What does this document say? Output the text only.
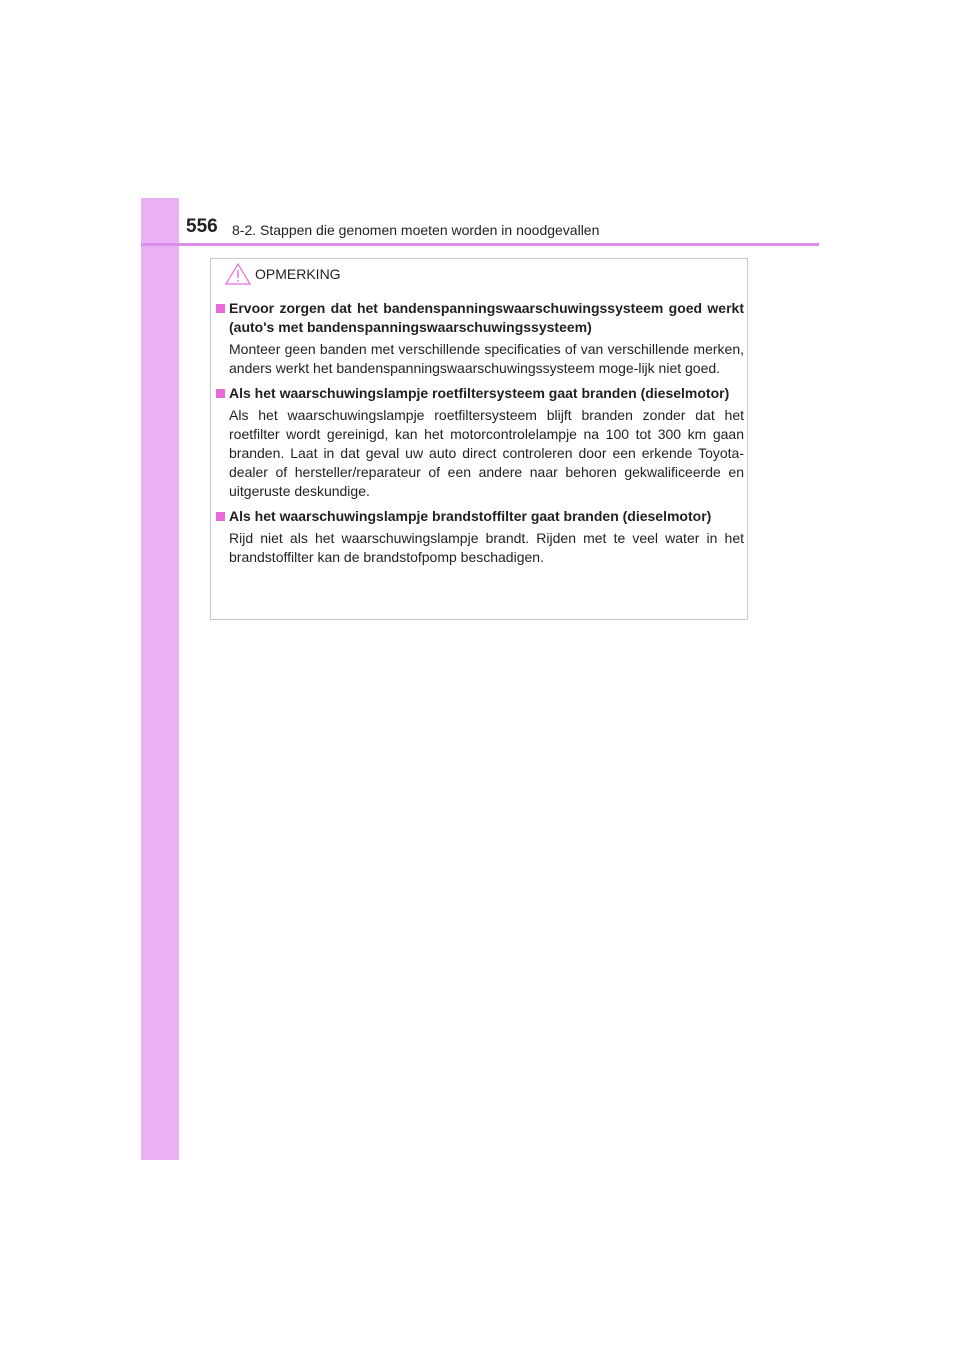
556 8-2. Stappen die genomen moeten worden in noodgevallen
OPMERKING
Ervoor zorgen dat het bandenspanningswaarschuwingssysteem goed werkt (auto's met bandenspanningswaarschuwingssysteem)
Monteer geen banden met verschillende specificaties of van verschillende merken, anders werkt het bandenspanningswaarschuwingssysteem moge-lijk niet goed.
Als het waarschuwingslampje roetfiltersysteem gaat branden (dieselmotor)
Als het waarschuwingslampje roetfiltersysteem blijft branden zonder dat het roetfilter wordt gereinigd, kan het motorcontrolelampje na 100 tot 300 km gaan branden. Laat in dat geval uw auto direct controleren door een erkende Toyota-dealer of hersteller/reparateur of een andere naar behoren gekwalificeerde en uitgeruste deskundige.
Als het waarschuwingslampje brandstoffilter gaat branden (dieselmotor)
Rijd niet als het waarschuwingslampje brandt. Rijden met te veel water in het brandstoffilter kan de brandstofpomp beschadigen.
